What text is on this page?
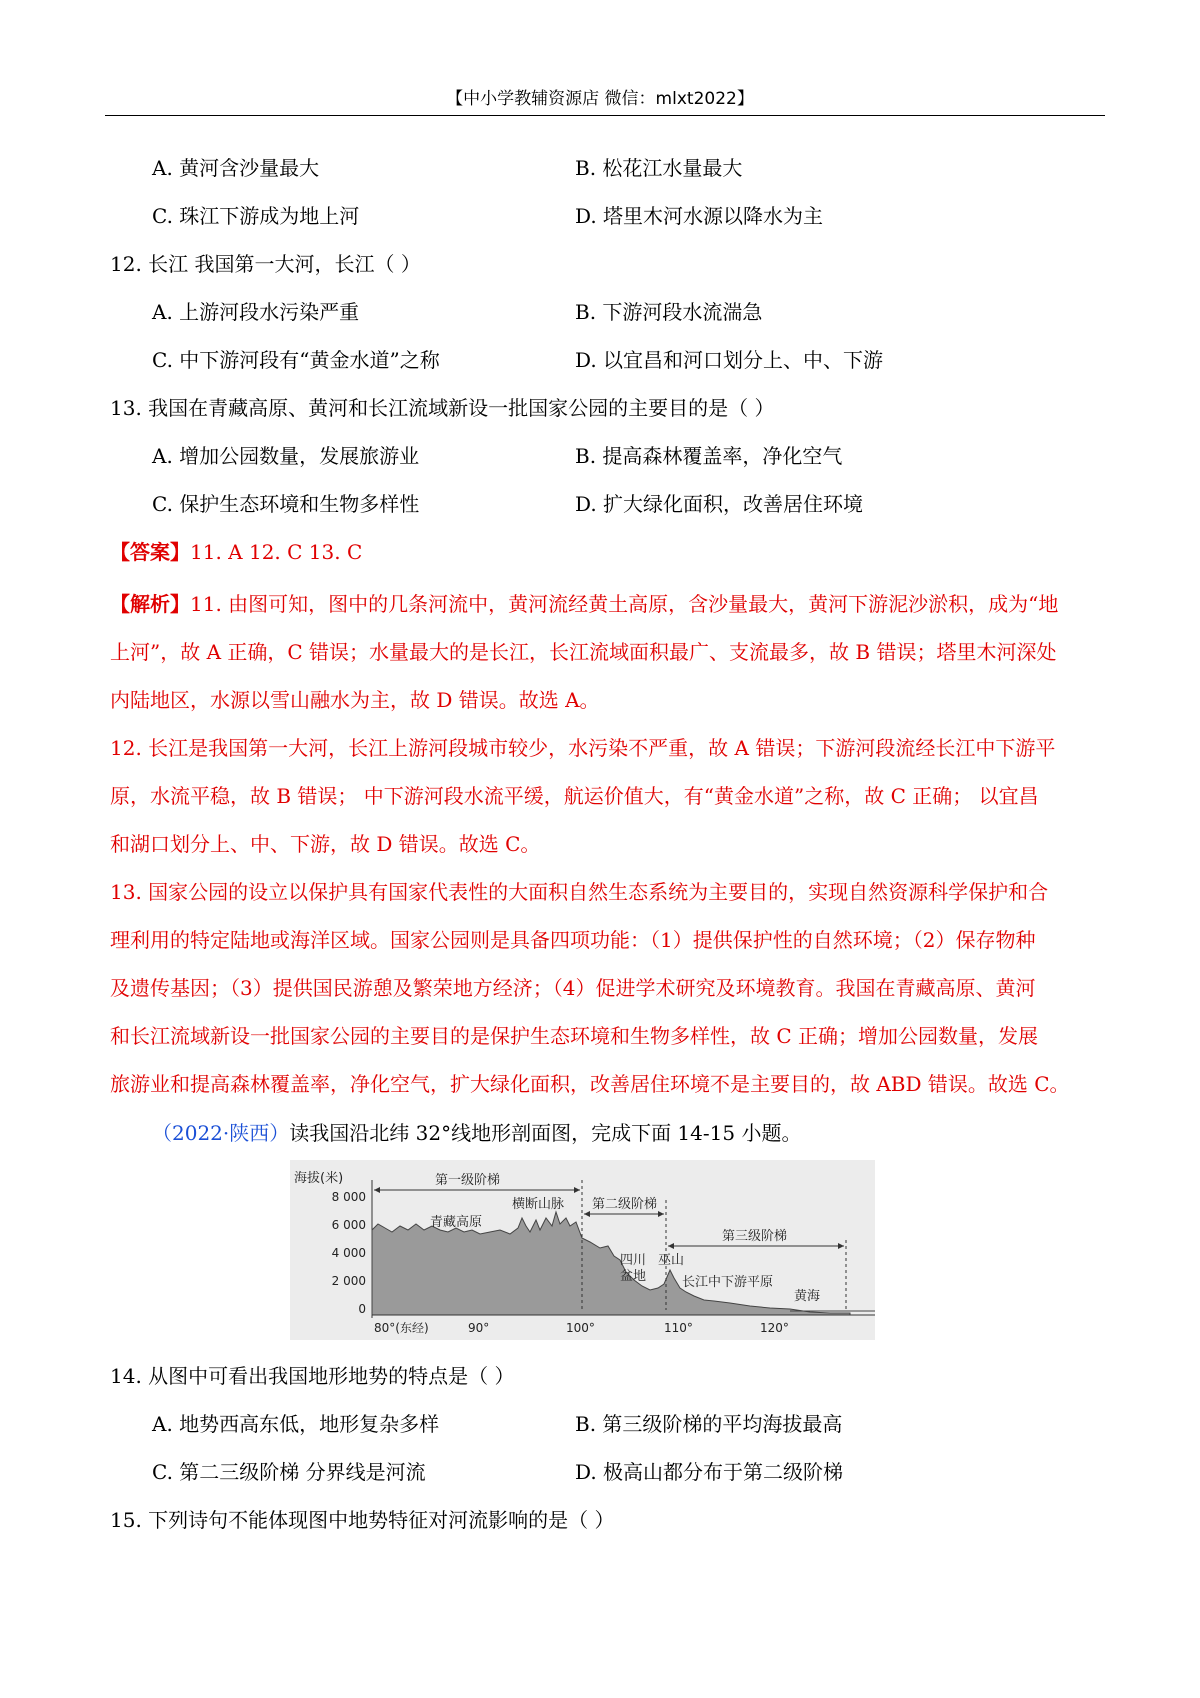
【中小学教辅资源店 微信：mlxt2022】
A. 黄河含沙量最大	B. 松花江水量最大
C. 珠江下游成为地上河	D. 塔里木河水源以降水为主
12. 长江 我国第一大河，长江（ ）
A. 上游河段水污染严重	B. 下游河段水流湍急
C. 中下游河段有“黄金水道”之称	D. 以宜昌和河口划分上、中、下游
13. 我国在青藏高原、黄河和长江流域新设一批国家公园的主要目的是（ ）
A. 增加公园数量，发展旅游业	B. 提高森林覆盖率，净化空气
C. 保护生态环境和生物多样性	D. 扩大绿化面积，改善居住环境
【答案】11. A 12. C 13. C
【解析】11. 由图可知，图中的几条河流中，黄河流经黄土高原，含沙量最大，黄河下游泥沙淤积，成为“地
上河”，故 A 正确，C 错误；水量最大的是长江，长江流域面积最广、支流最多，故 B 错误；塔里木河深处
内陆地区，水源以雪山融水为主，故 D 错误。故选 A。
12. 长江是我国第一大河，长江上游河段城市较少，水污染不严重，故 A 错误；下游河段流经长江中下游平
原，水流平稳，故 B 错误； 中下游河段水流平缓，航运价值大，有“黄金水道”之称，故 C 正确； 以宜昌
和湖口划分上、中、下游，故 D 错误。故选 C。
13. 国家公园的设立以保护具有国家代表性的大面积自然生态系统为主要目的，实现自然资源科学保护和合
理利用的特定陆地或海洋区域。国家公园则是具备四项功能：（1）提供保护性的自然环境；（2）保存物种
及遗传基因；（3）提供国民游憩及繁荣地方经济；（4）促进学术研究及环境教育。我国在青藏高原、黄河
和长江流域新设一批国家公园的主要目的是保护生态环境和生物多样性，故 C 正确；增加公园数量，发展
旅游业和提高森林覆盖率，净化空气，扩大绿化面积，改善居住环境不是主要目的，故 ABD 错误。故选 C。
（2022·陕西）读我国沿北纬 32°线地形剖面图，完成下面 14-15 小题。
海拔(米)
8 000
6 000
4 000
2 000
0
第一级阶梯
第二级阶梯
第三级阶梯
青藏高原
横断山脉
四川
盆地
巫山
长江中下游平原
黄海
80°(东经)	90°	100°	110°	120°
14. 从图中可看出我国地形地势的特点是（ ）
A. 地势西高东低，地形复杂多样	B. 第三级阶梯的平均海拔最高
C. 第二三级阶梯 分界线是河流	D. 极高山都分布于第二级阶梯
15. 下列诗句不能体现图中地势特征对河流影响的是（ ）
